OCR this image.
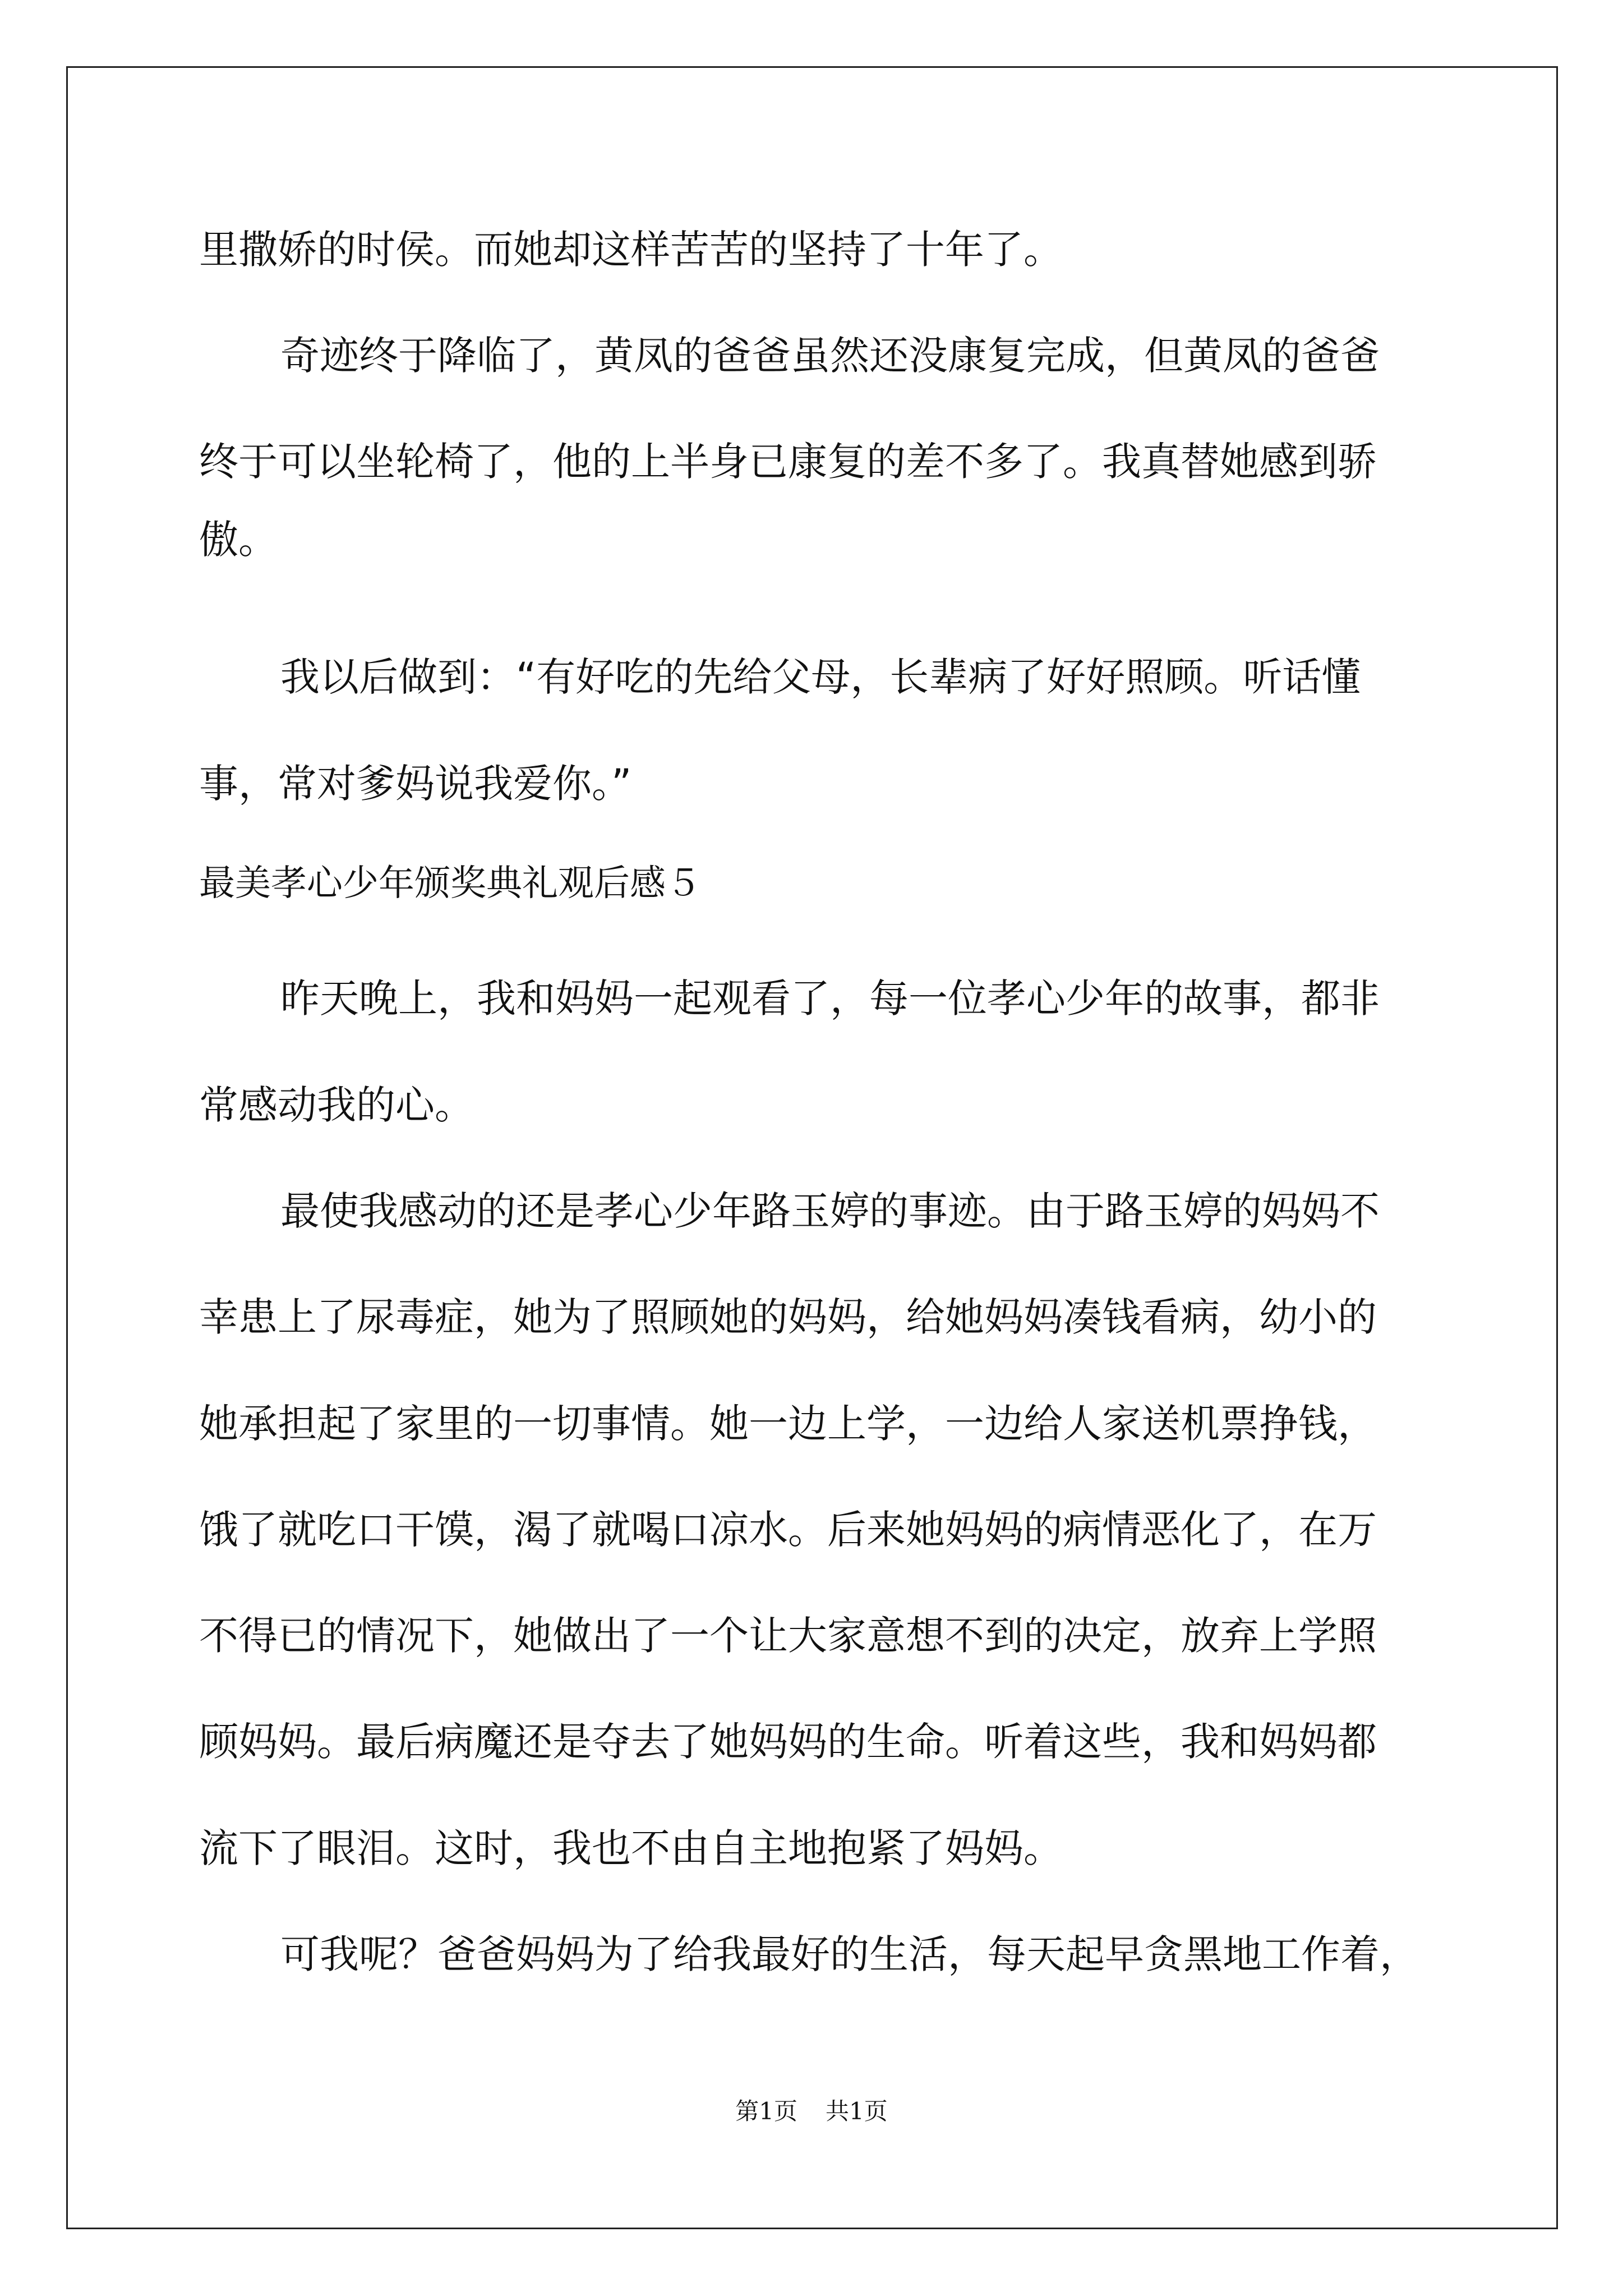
里撒娇的时侯。而她却这样苦苦的坚持了十年了。

奇迹终于降临了，黄凤的爸爸虽然还没康复完成，但黄凤的爸爸

终于可以坐轮椅了，他的上半身已康复的差不多了。我真替她感到骄

傲。

我以后做到：“有好吃的先给父母，长辈病了好好照顾。听话懂

事，常对爹妈说我爱你。”

最美孝心少年颁奖典礼观后感５

昨天晚上，我和妈妈一起观看了，每一位孝心少年的故事，都非

常感动我的心。

最使我感动的还是孝心少年路玉婷的事迹。由于路玉婷的妈妈不

幸患上了尿毒症，她为了照顾她的妈妈，给她妈妈凑钱看病，幼小的

她承担起了家里的一切事情。她一边上学，一边给人家送机票挣钱，

饿了就吃口干馍，渴了就喝口凉水。后来她妈妈的病情恶化了，在万

不得已的情况下，她做出了一个让大家意想不到的决定，放弃上学照

顾妈妈。最后病魔还是夺去了她妈妈的生命。听着这些，我和妈妈都

流下了眼泪。这时，我也不由自主地抱紧了妈妈。

可我呢？爸爸妈妈为了给我最好的生活，每天起早贪黑地工作着，

第1页 共1页
